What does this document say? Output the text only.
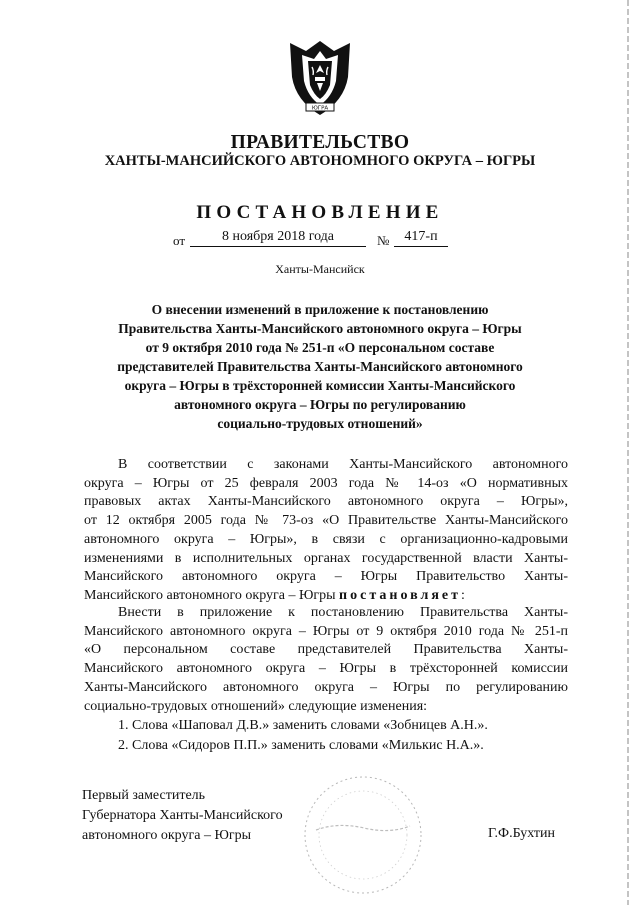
ЮГРА
ПРАВИТЕЛЬСТВО
ХАНТЫ-МАНСИЙСКОГО АВТОНОМНОГО ОКРУГА – ЮГРЫ
ПОСТАНОВЛЕНИЕ
от	8 ноября 2018 года	№	417-п
Ханты-Мансийск
О внесении изменений в приложение к постановлению
Правительства Ханты-Мансийского автономного округа – Югры
от 9 октября 2010 года № 251-п «О персональном составе
представителей Правительства Ханты-Мансийского автономного
округа – Югры в трёхсторонней комиссии Ханты-Мансийского
автономного округа – Югры по регулированию
социально-трудовых отношений»
В соответствии с законами Ханты-Мансийского автономного
округа – Югры от 25 февраля 2003 года № 14-оз «О нормативных
правовых актах Ханты-Мансийского автономного округа – Югры»,
от 12 октября 2005 года № 73-оз «О Правительстве Ханты-Мансийского
автономного округа – Югры», в связи с организационно-кадровыми
изменениями в исполнительных органах государственной власти Ханты-
Мансийского автономного округа – Югры Правительство Ханты-
Мансийского автономного округа – Югры постановляет:
Внести в приложение к постановлению Правительства Ханты-
Мансийского автономного округа – Югры от 9 октября 2010 года № 251-п
«О персональном составе представителей Правительства Ханты-
Мансийского автономного округа – Югры в трёхсторонней комиссии
Ханты-Мансийского автономного округа – Югры по регулированию
социально-трудовых отношений» следующие изменения:
1. Слова «Шаповал Д.В.» заменить словами «Зобницев А.Н.».
2. Слова «Сидоров П.П.» заменить словами «Милькис Н.А.».
Первый заместитель
Губернатора Ханты-Мансийского
автономного округа – Югры	Г.Ф.Бухтин
